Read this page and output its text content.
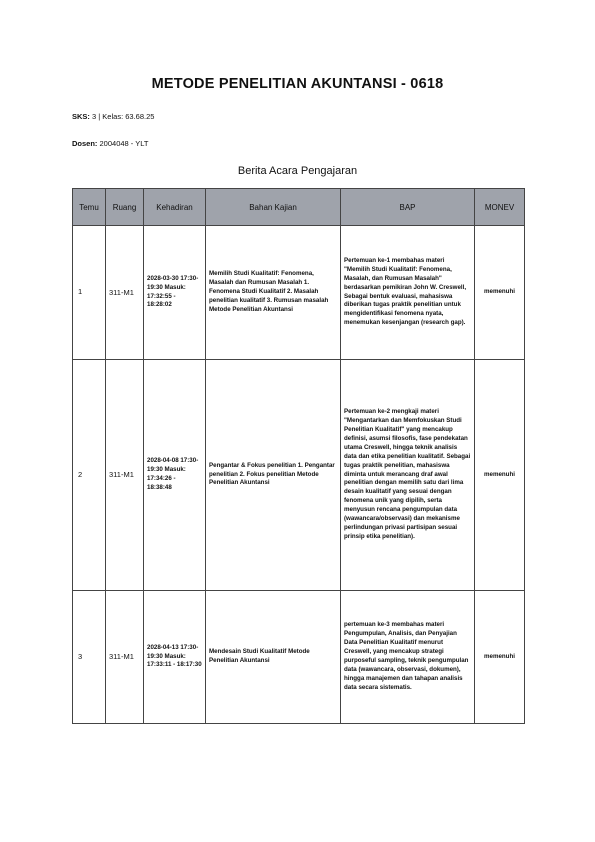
METODE PENELITIAN AKUNTANSI - 0618
SKS: 3 | Kelas: 63.68.25
Dosen: 2004048 - YLT
Berita Acara Pengajaran
Temu	Ruang	Kehadiran	Bahan Kajian	BAP	MONEV
1	311-M1	2028-03-30 17:30-19:30 Masuk: 17:32:55 - 18:28:02	Memilih Studi Kualitatif: Fenomena, Masalah dan Rumusan Masalah 1. Fenomena Studi Kualitatif 2. Masalah penelitian kualitatif 3. Rumusan masalah Metode Penelitian Akuntansi	Pertemuan ke-1 membahas materi "Memilih Studi Kualitatif: Fenomena, Masalah, dan Rumusan Masalah" berdasarkan pemikiran John W. Creswell, Sebagai bentuk evaluasi, mahasiswa diberikan tugas praktik penelitian untuk mengidentifikasi fenomena nyata, menemukan kesenjangan (research gap).	memenuhi
2	311-M1	2028-04-08 17:30-19:30 Masuk: 17:34:26 - 18:38:48	Pengantar & Fokus penelitian 1. Pengantar penelitian 2. Fokus penelitian Metode Penelitian Akuntansi	Pertemuan ke-2 mengkaji materi "Mengantarkan dan Memfokuskan Studi Penelitian Kualitatif" yang mencakup definisi, asumsi filosofis, fase pendekatan utama Creswell, hingga teknik analisis data dan etika penelitian kualitatif. Sebagai tugas praktik penelitian, mahasiswa diminta untuk merancang draf awal penelitian dengan memilih satu dari lima desain kualitatif yang sesuai dengan fenomena unik yang dipilih, serta menyusun rencana pengumpulan data (wawancara/observasi) dan mekanisme perlindungan privasi partisipan sesuai prinsip etika penelitian).	memenuhi
3	311-M1	2028-04-13 17:30-19:30 Masuk: 17:33:11 - 18:17:30	Mendesain Studi Kualitatif Metode Penelitian Akuntansi	pertemuan ke-3 membahas materi Pengumpulan, Analisis, dan Penyajian Data Penelitian Kualitatif menurut Creswell, yang mencakup strategi purposeful sampling, teknik pengumpulan data (wawancara, observasi, dokumen), hingga manajemen dan tahapan analisis data secara sistematis.	memenuhi
